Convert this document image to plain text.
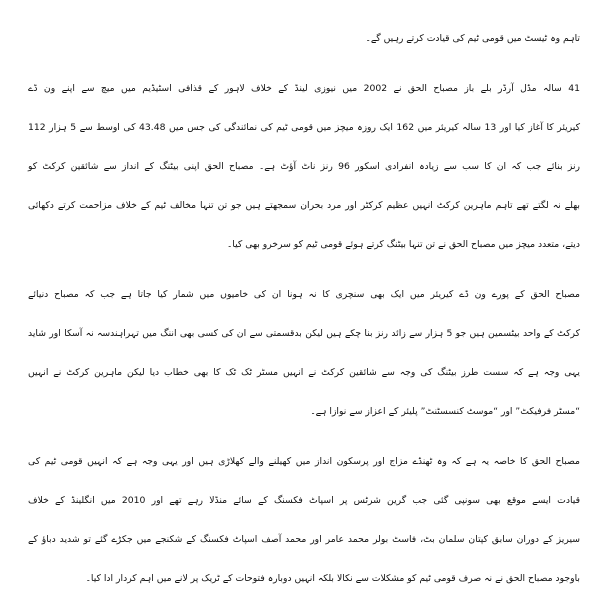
تاہم وہ ٹیسٹ میں قومی ٹیم کی قیادت کرتے رہیں گے۔
41 سالہ مڈل آرڈر بلے باز مصباح الحق نے 2002 میں نیوزی لینڈ کے خلاف لاہور کے قذافی اسٹیڈیم میں میچ سے اپنے ون ڈے
کیریئر کا آغاز کیا اور 13 سالہ کیریئر میں 162 ایک روزہ میچز میں قومی ٹیم کی نمائندگی کی جس میں 43.48 کی اوسط سے 5 ہزار 112
رنز بنائے جب کہ ان کا سب سے زیادہ انفرادی اسکور 96 رنز ناٹ آؤٹ ہے۔ مصباح الحق اپنی بیٹنگ کے انداز سے شائقین کرکٹ کو
بھلے نہ لگتے تھے تاہم ماہرین کرکٹ انہیں عظیم کرکٹر اور مرد بحران سمجھتے ہیں جو تن تنہا مخالف ٹیم کے خلاف مزاحمت کرتے دکھائی
دیتے، متعدد میچز میں مصباح الحق نے تن تنہا بیٹنگ کرتے ہوئے قومی ٹیم کو سرخرو بھی کیا۔
مصباح الحق کے پورے ون ڈے کیریئر میں ایک بھی سنچری کا نہ ہونا ان کی خامیوں میں شمار کیا جاتا ہے جب کہ مصباح دنیائے
کرکٹ کے واحد بیٹسمین ہیں جو 5 ہزار سے زائد رنز بنا چکے ہیں لیکن بدقسمتی سے ان کی کسی بھی اننگ میں تہراہندسہ نہ آسکا اور شاید
یہی وجہ ہے کہ سست طرز بیٹنگ کی وجہ سے شائقین کرکٹ نے انہیں مسٹر ٹک ٹک کا بھی خطاب دیا لیکن ماہرین کرکٹ نے انہیں
“مسٹر فرفیکٹ” اور “موسٹ کنسسٹنٹ” پلیئر کے اعزاز سے نوازا ہے۔
مصباح الحق کا خاصہ یہ ہے کہ وہ ٹھنڈے مزاج اور پرسکون انداز میں کھیلنے والے کھلاڑی ہیں اور یہی وجہ ہے کہ انہیں قومی ٹیم کی
قیادت ایسے موقع بھی سونپی گئی جب گرین شرٹس پر اسپاٹ فکسنگ کے سائے منڈلا رہے تھے اور 2010 میں انگلینڈ کے خلاف
سیریز کے دوران سابق کپتان سلمان بٹ، فاسٹ بولر محمد عامر اور محمد آصف اسپاٹ فکسنگ کے شکنجے میں جکڑے گئے تو شدید دباؤ کے
باوجود مصباح الحق نے نہ صرف قومی ٹیم کو مشکلات سے نکالا بلکہ انہیں دوبارہ فتوحات کے ٹریک پر لانے میں اہم کردار ادا کیا۔
